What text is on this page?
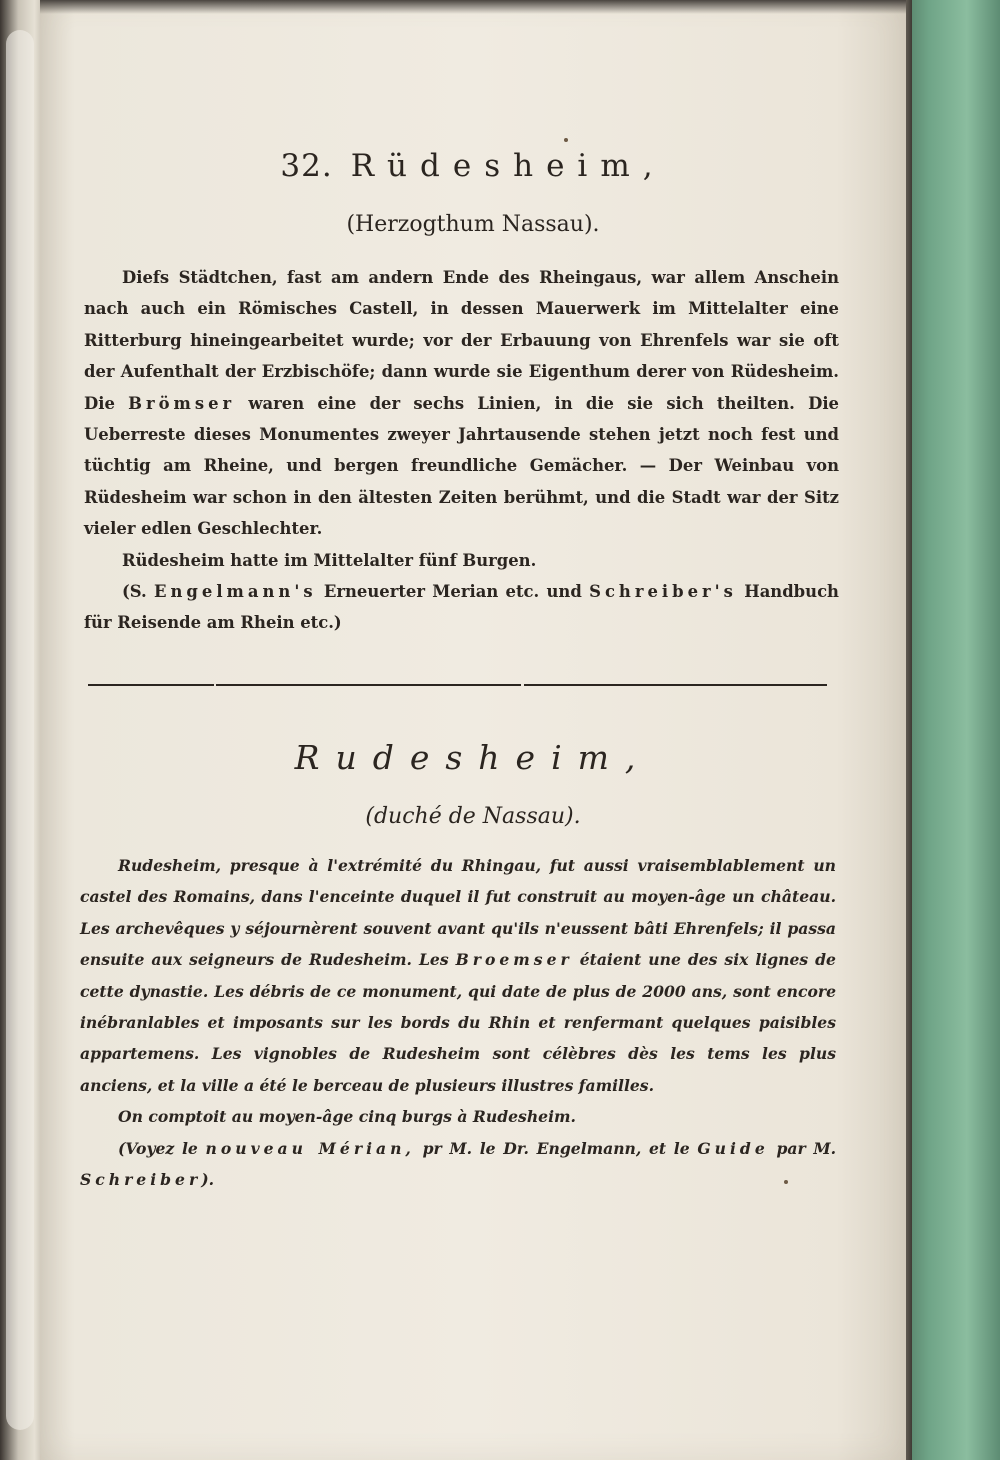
32. Rüdesheim,
(Herzogthum Nassau).

Diefs Städtchen, fast am andern Ende des Rheingaus, war allem Anschein nach auch ein Römisches Castell, in dessen Mauerwerk im Mittelalter eine Ritterburg hineingearbeitet wurde; vor der Erbauung von Ehrenfels war sie oft der Aufenthalt der Erzbischöfe; dann wurde sie Eigenthum derer von Rüdesheim. Die Brömser waren eine der sechs Linien, in die sie sich theilten. Die Ueberreste dieses Monumentes zweyer Jahrtausende stehen jetzt noch fest und tüchtig am Rheine, und bergen freundliche Gemächer. — Der Weinbau von Rüdesheim war schon in den ältesten Zeiten berühmt, und die Stadt war der Sitz vieler edlen Geschlechter.

Rüdesheim hatte im Mittelalter fünf Burgen.

(S. Engelmann's Erneuerter Merian etc. und Schreiber's Handbuch für Reisende am Rhein etc.)

Rudesheim,
(duché de Nassau).

Rudesheim, presque à l'extrémité du Rhingau, fut aussi vraisemblablement un castel des Romains, dans l'enceinte duquel il fut construit au moyen-âge un château. Les archevêques y séjournèrent souvent avant qu'ils n'eussent bâti Ehrenfels; il passa ensuite aux seigneurs de Rudesheim. Les Broemser étaient une des six lignes de cette dynastie. Les débris de ce monument, qui date de plus de 2000 ans, sont encore inébranlables et imposants sur les bords du Rhin et renfermant quelques paisibles appartemens. Les vignobles de Rudesheim sont célèbres dès les tems les plus anciens, et la ville a été le berceau de plusieurs illustres familles.

On comptoit au moyen-âge cinq burgs à Rudesheim.

(Voyez le nouveau Mérian, pr M. le Dr. Engelmann, et le Guide par M. Schreiber).
